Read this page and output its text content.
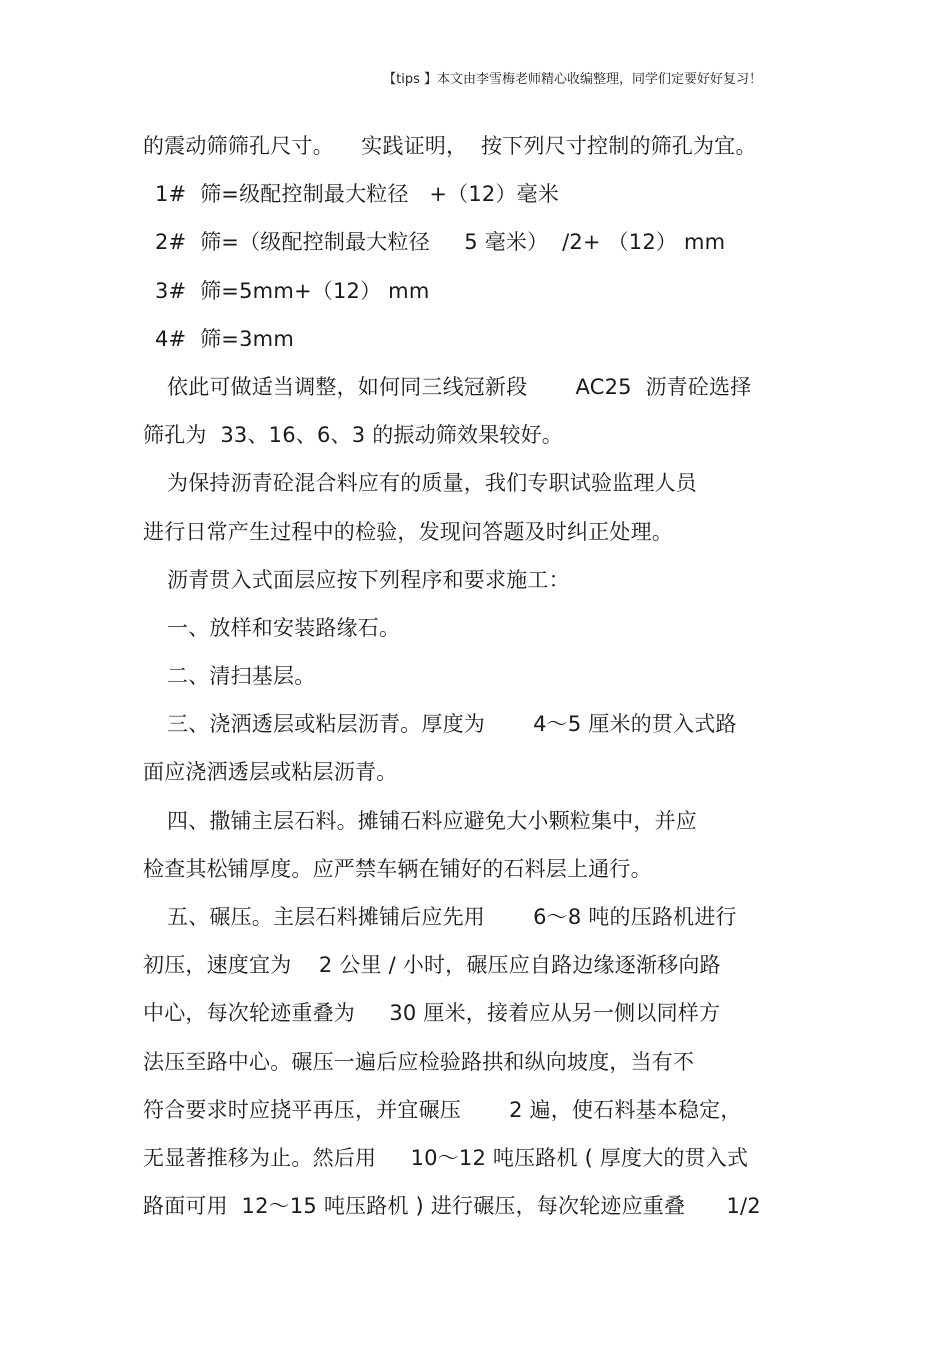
【tips 】本文由李雪梅老师精心收编整理，同学们定要好好复习！
的震动筛筛孔尺寸。    实践证明，  按下列尺寸控制的筛孔为宜。
1#  筛=级配控制最大粒径   +（12）毫米
2#  筛=（级配控制最大粒径     5 毫米）  /2+ （12） mm
3#  筛=5mm+（12） mm
4#  筛=3mm
依此可做适当调整，如何同三线冠新段       AC25  沥青砼选择
筛孔为  33、16、6、3 的振动筛效果较好。
为保持沥青砼混合料应有的质量，我们专职试验监理人员
进行日常产生过程中的检验，发现问答题及时纠正处理。
沥青贯入式面层应按下列程序和要求施工：
一、放样和安装路缘石。
二、清扫基层。
三、浇洒透层或粘层沥青。厚度为       4～5 厘米的贯入式路
面应浇洒透层或粘层沥青。
四、撒铺主层石料。摊铺石料应避免大小颗粒集中，并应
检查其松铺厚度。应严禁车辆在铺好的石料层上通行。
五、碾压。主层石料摊铺后应先用       6～8 吨的压路机进行
初压，速度宜为    2 公里 / 小时，碾压应自路边缘逐渐移向路
中心，每次轮迹重叠为     30 厘米，接着应从另一侧以同样方
法压至路中心。碾压一遍后应检验路拱和纵向坡度，当有不
符合要求时应挠平再压，并宜碾压       2 遍，使石料基本稳定，
无显著推移为止。然后用     10～12 吨压路机 ( 厚度大的贯入式
路面可用  12～15 吨压路机 ) 进行碾压，每次轮迹应重叠      1/2
